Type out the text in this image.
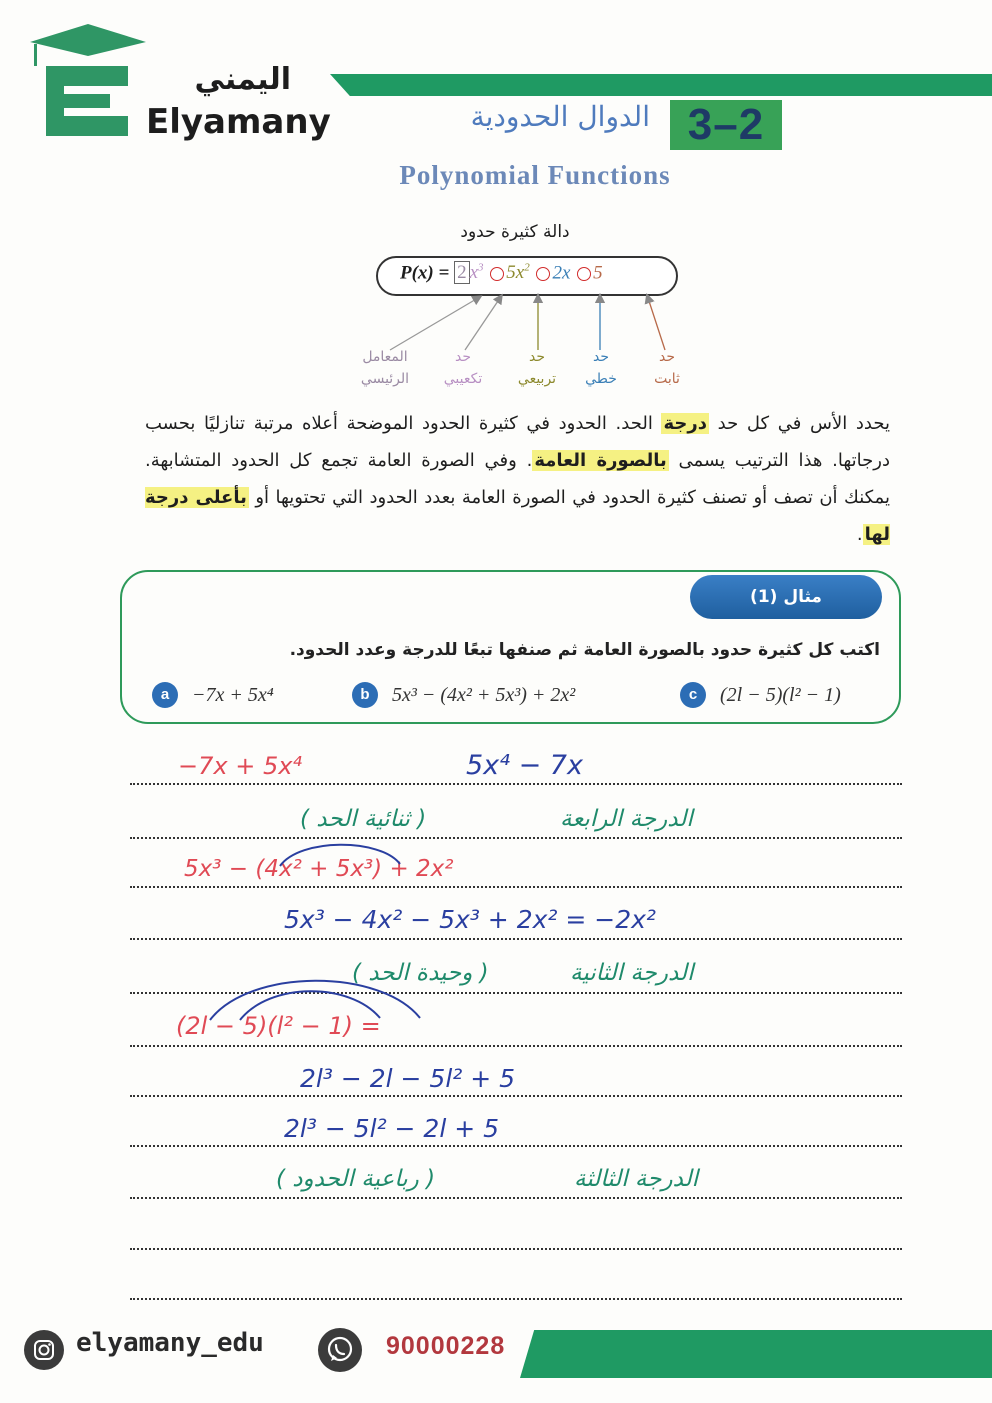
اليمني
Elyamany	3–2
الدوال الحدودية
Polynomial Functions
دالة كثيرة حدود
P(x) = 2 $x^3$ $5x^2$ 2x 5
المعامل
الرئيسي
حد
تكعيبي
حد
تربيعي
حد
خطي
حد
ثابت
يحدد الأس في كل حد درجة الحد. الحدود في كثيرة الحدود الموضحة أعلاه مرتبة تنازليًا بحسب درجاتها. هذا الترتيب يسمى بالصورة العامة. وفي الصورة العامة تجمع كل الحدود المتشابهة. يمكنك أن تصف أو تصنف كثيرة الحدود في الصورة العامة بعدد الحدود التي تحتويها أو بأعلى درجة لها.
مثال (1)
اكتب كل كثيرة حدود بالصورة العامة ثم صنفها تبعًا للدرجة وعدد الحدود.
a	−7x + 5x⁴	b	5x³ − (4x² + 5x³) + 2x²	c	(2l − 5)(l² − 1)
−7x + 5x⁴	5x⁴ − 7x
( ثنائية الحد )	الدرجة الرابعة
5x³ − (4x² + 5x³) + 2x²
5x³ − 4x² − 5x³ + 2x² = −2x²
( وحيدة الحد )	الدرجة الثانية
(2l − 5)(l² − 1) =
2l³ − 2l − 5l² + 5
2l³ − 5l² − 2l + 5
( رباعية الحدود )	الدرجة الثالثة
elyamany_edu	90000228
